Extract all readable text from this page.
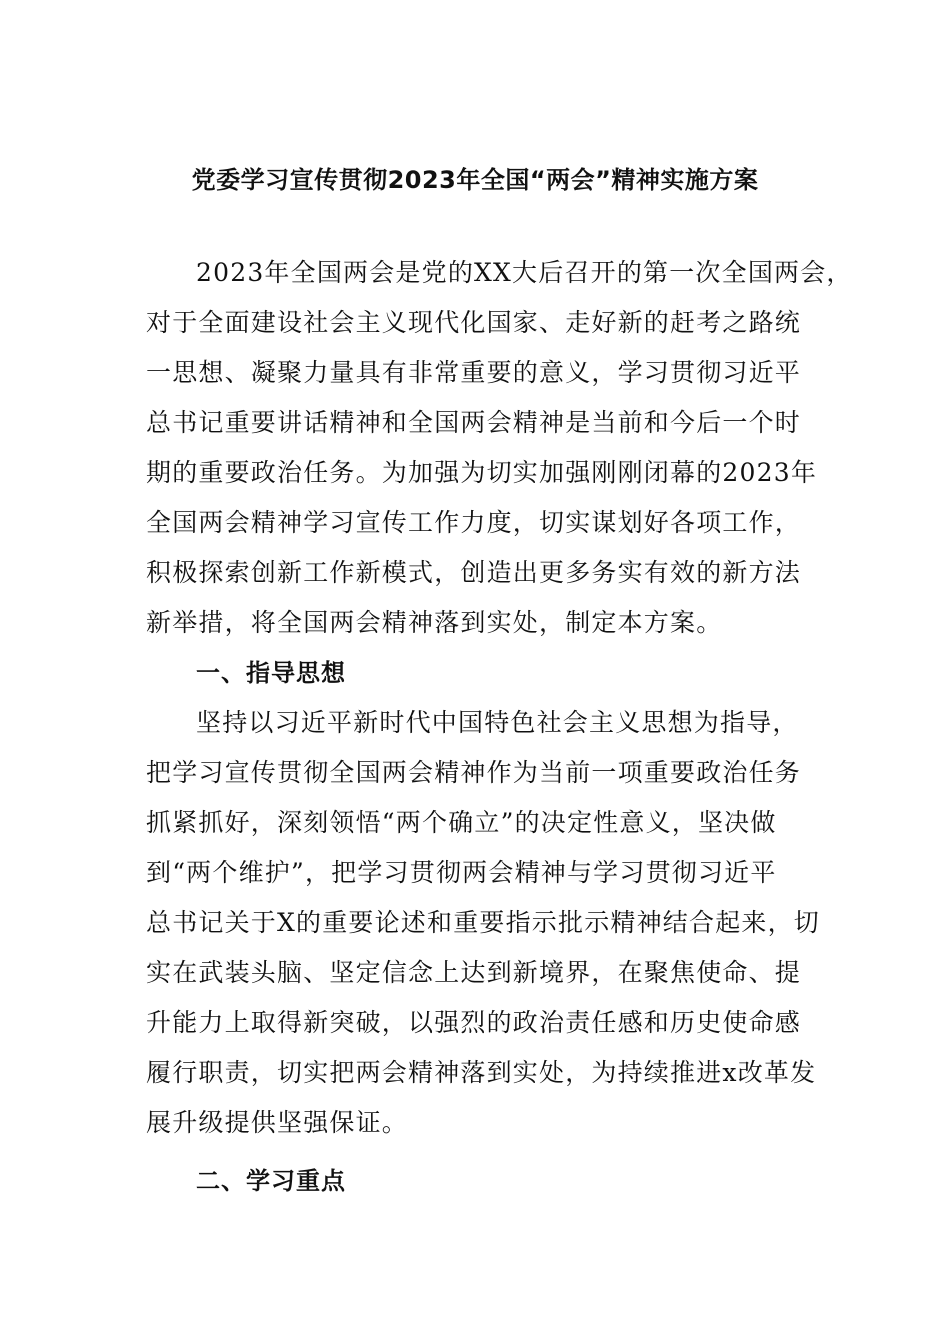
党委学习宣传贯彻2023年全国“两会”精神实施方案
2023年全国两会是党的XX大后召开的第一次全国两会，
对于全面建设社会主义现代化国家、走好新的赶考之路统
一思想、凝聚力量具有非常重要的意义，学习贯彻习近平
总书记重要讲话精神和全国两会精神是当前和今后一个时
期的重要政治任务。为加强为切实加强刚刚闭幕的2023年
全国两会精神学习宣传工作力度，切实谋划好各项工作，
积极探索创新工作新模式，创造出更多务实有效的新方法
新举措，将全国两会精神落到实处，制定本方案。
一、指导思想
坚持以习近平新时代中国特色社会主义思想为指导，
把学习宣传贯彻全国两会精神作为当前一项重要政治任务
抓紧抓好，深刻领悟“两个确立”的决定性意义，坚决做
到“两个维护”，把学习贯彻两会精神与学习贯彻习近平
总书记关于X的重要论述和重要指示批示精神结合起来，切
实在武装头脑、坚定信念上达到新境界，在聚焦使命、提
升能力上取得新突破，以强烈的政治责任感和历史使命感
履行职责，切实把两会精神落到实处，为持续推进x改革发
展升级提供坚强保证。
二、学习重点
